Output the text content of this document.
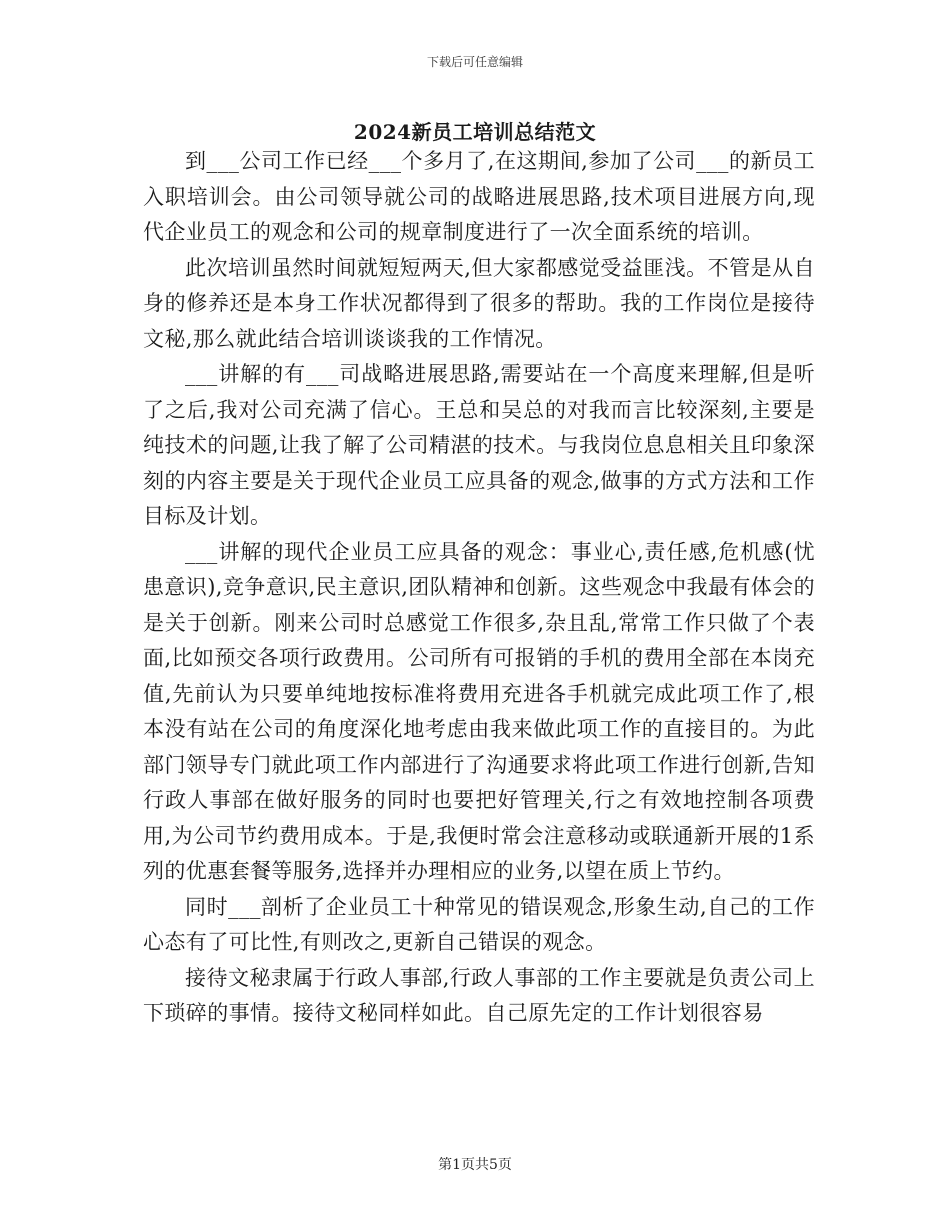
下载后可任意编辑
2024新员工培训总结范文

到___公司工作已经___个多月了,在这期间,参加了公司___的新员工入职培训会。由公司领导就公司的战略进展思路,技术项目进展方向,现代企业员工的观念和公司的规章制度进行了一次全面系统的培训。

此次培训虽然时间就短短两天,但大家都感觉受益匪浅。不管是从自身的修养还是本身工作状况都得到了很多的帮助。我的工作岗位是接待文秘,那么就此结合培训谈谈我的工作情况。

___讲解的有___司战略进展思路,需要站在一个高度来理解,但是听了之后,我对公司充满了信心。王总和吴总的对我而言比较深刻,主要是纯技术的问题,让我了解了公司精湛的技术。与我岗位息息相关且印象深刻的内容主要是关于现代企业员工应具备的观念,做事的方式方法和工作目标及计划。

___讲解的现代企业员工应具备的观念：事业心,责任感,危机感(忧患意识),竞争意识,民主意识,团队精神和创新。这些观念中我最有体会的是关于创新。刚来公司时总感觉工作很多,杂且乱,常常工作只做了个表面,比如预交各项行政费用。公司所有可报销的手机的费用全部在本岗充值,先前认为只要单纯地按标准将费用充进各手机就完成此项工作了,根本没有站在公司的角度深化地考虑由我来做此项工作的直接目的。为此部门领导专门就此项工作内部进行了沟通要求将此项工作进行创新,告知行政人事部在做好服务的同时也要把好管理关,行之有效地控制各项费用,为公司节约费用成本。于是,我便时常会注意移动或联通新开展的1系列的优惠套餐等服务,选择并办理相应的业务,以望在质上节约。

同时___剖析了企业员工十种常见的错误观念,形象生动,自己的工作心态有了可比性,有则改之,更新自己错误的观念。

接待文秘隶属于行政人事部,行政人事部的工作主要就是负责公司上下琐碎的事情。接待文秘同样如此。自己原先定的工作计划很容易

第1页共5页
